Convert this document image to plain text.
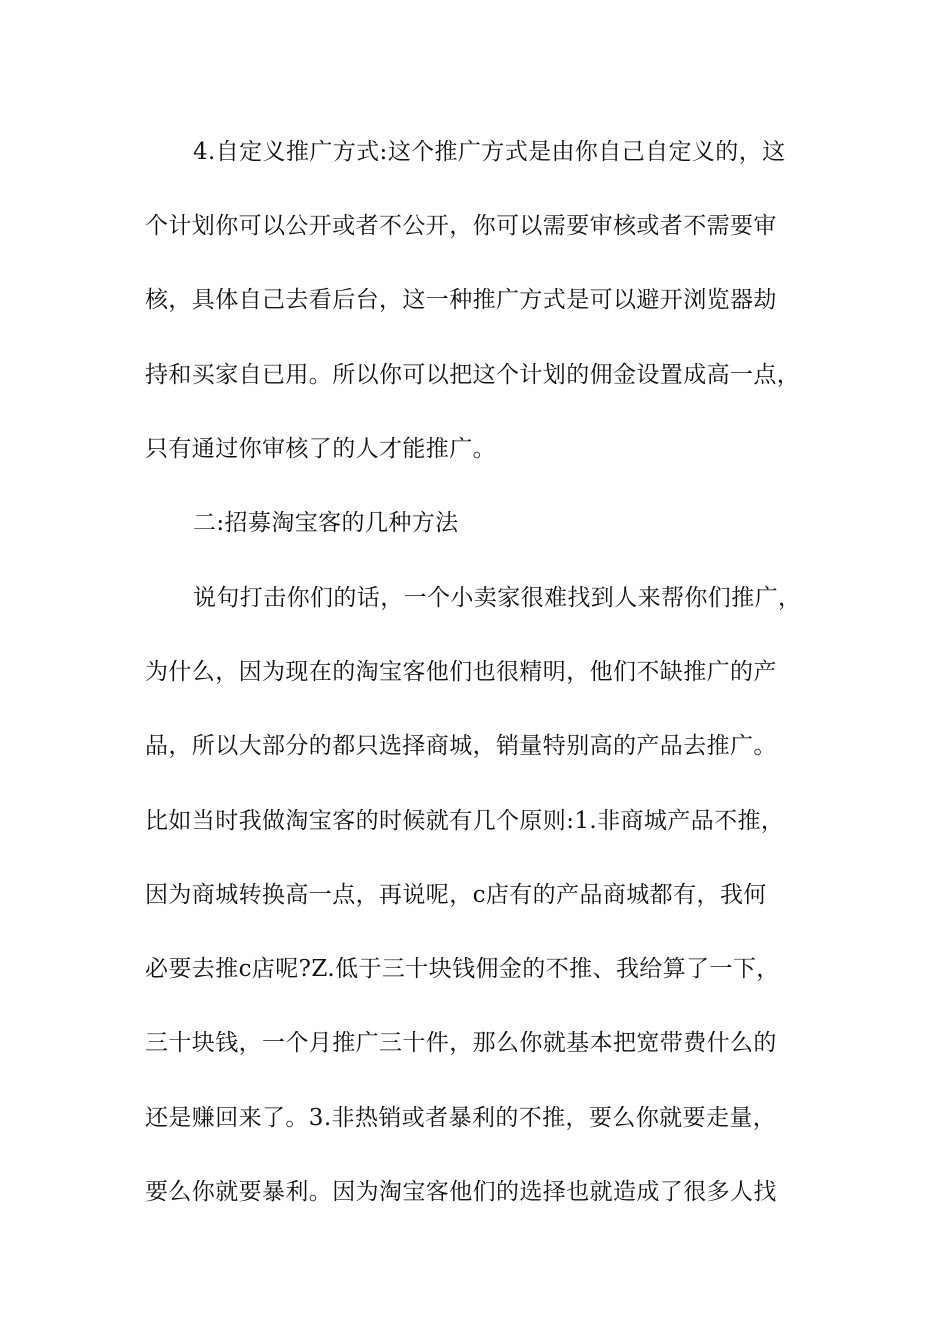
4.自定义推广方式:这个推广方式是由你自己自定义的，这

个计划你可以公开或者不公开，你可以需要审核或者不需要审

核，具体自己去看后台，这一种推广方式是可以避开浏览器劫

持和买家自已用。所以你可以把这个计划的佣金设置成高一点，

只有通过你审核了的人才能推广。

二:招募淘宝客的几种方法

说句打击你们的话，一个小卖家很难找到人来帮你们推广，

为什么，因为现在的淘宝客他们也很精明，他们不缺推广的产

品，所以大部分的都只选择商城，销量特别高的产品去推广。

比如当时我做淘宝客的时候就有几个原则:1.非商城产品不推，

因为商城转换高一点，再说呢，c店有的产品商城都有，我何

必要去推c店呢?Z.低于三十块钱佣金的不推、我给算了一下，

三十块钱，一个月推广三十件，那么你就基本把宽带费什么的

还是赚回来了。3.非热销或者暴利的不推，要么你就要走量，

要么你就要暴利。因为淘宝客他们的选择也就造成了很多人找
